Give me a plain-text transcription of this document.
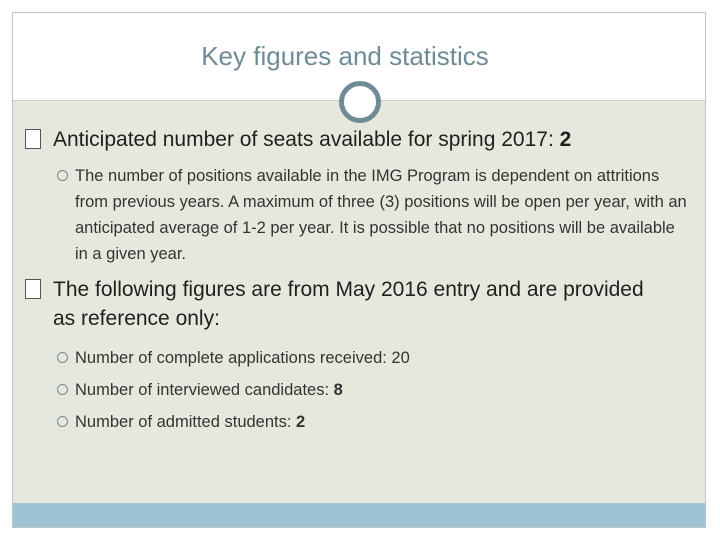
Key figures and statistics
Anticipated number of seats available for spring 2017: 2
The number of positions available in the IMG Program is dependent on attritions from previous years. A maximum of three (3) positions will be open per year, with an anticipated average of 1-2 per year. It is possible that no positions will be available in a given year.
The following figures are from May 2016 entry and are provided as reference only:
Number of complete applications received: 20
Number of interviewed candidates: 8
Number of admitted students: 2
